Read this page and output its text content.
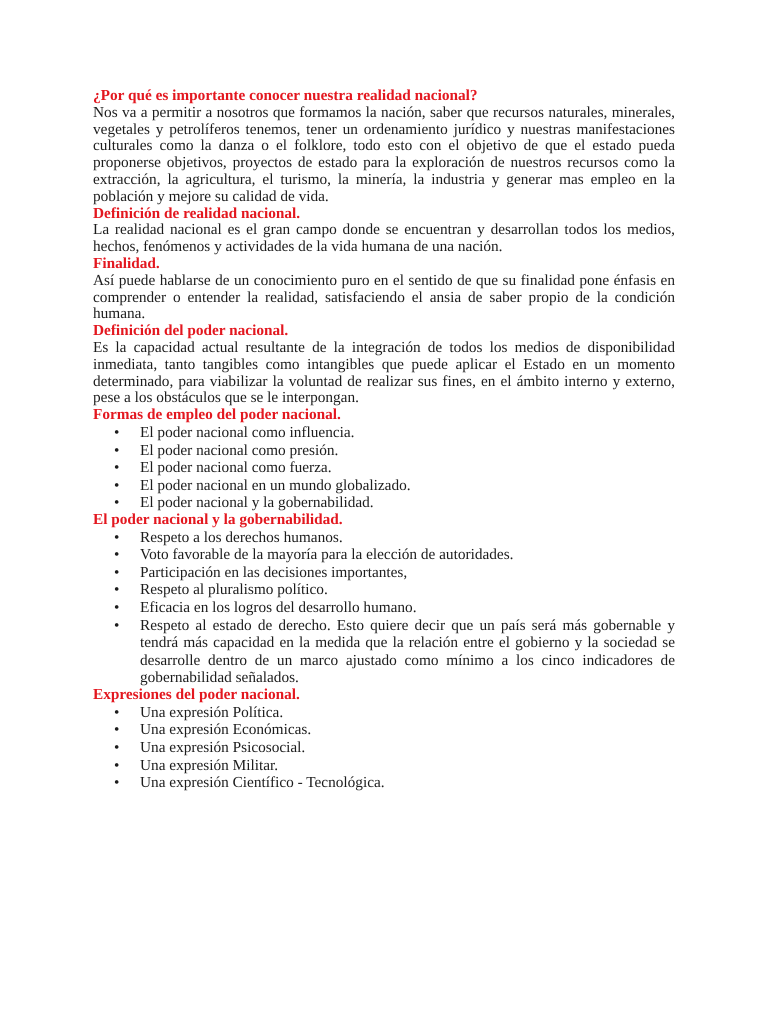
¿Por qué es importante conocer nuestra realidad nacional?

Nos va a permitir a nosotros que formamos la nación, saber que recursos naturales, minerales, vegetales y petrolíferos tenemos, tener un ordenamiento jurídico y nuestras manifestaciones culturales como la danza o el folklore, todo esto con el objetivo de que el estado pueda proponerse objetivos, proyectos de estado para la exploración de nuestros recursos como la extracción, la agricultura, el turismo, la minería, la industria y generar mas empleo en la población y mejore su calidad de vida.

Definición de realidad nacional.

La realidad nacional es el gran campo donde se encuentran y desarrollan todos los medios, hechos, fenómenos y actividades de la vida humana de una nación.

Finalidad.

Así puede hablarse de un conocimiento puro en el sentido de que su finalidad pone énfasis en comprender o entender la realidad, satisfaciendo el ansia de saber propio de la condición humana.

Definición del poder nacional.

Es la capacidad actual resultante de la integración de todos los medios de disponibilidad inmediata, tanto tangibles como intangibles que puede aplicar el Estado en un momento determinado, para viabilizar la voluntad de realizar sus fines, en el ámbito interno y externo, pese a los obstáculos que se le interpongan.

Formas de empleo del poder nacional.
•
El poder nacional como influencia.
•
El poder nacional como presión.
•
El poder nacional como fuerza.
•
El poder nacional en un mundo globalizado.
•
El poder nacional y la gobernabilidad.
El poder nacional y la gobernabilidad.
•
Respeto a los derechos humanos.
•
Voto favorable de la mayoría para la elección de autoridades.
•
Participación en las decisiones importantes,
•
Respeto al pluralismo político.
•
Eficacia en los logros del desarrollo humano.
•
Respeto al estado de derecho. Esto quiere decir que un país será más gobernable y tendrá más capacidad en la medida que la relación entre el gobierno y la sociedad se desarrolle dentro de un marco ajustado como mínimo a los cinco indicadores de gobernabilidad señalados.
Expresiones del poder nacional.
•
Una expresión Política.
•
Una expresión Económicas.
•
Una expresión Psicosocial.
•
Una expresión Militar.
•
Una expresión Científico - Tecnológica.
